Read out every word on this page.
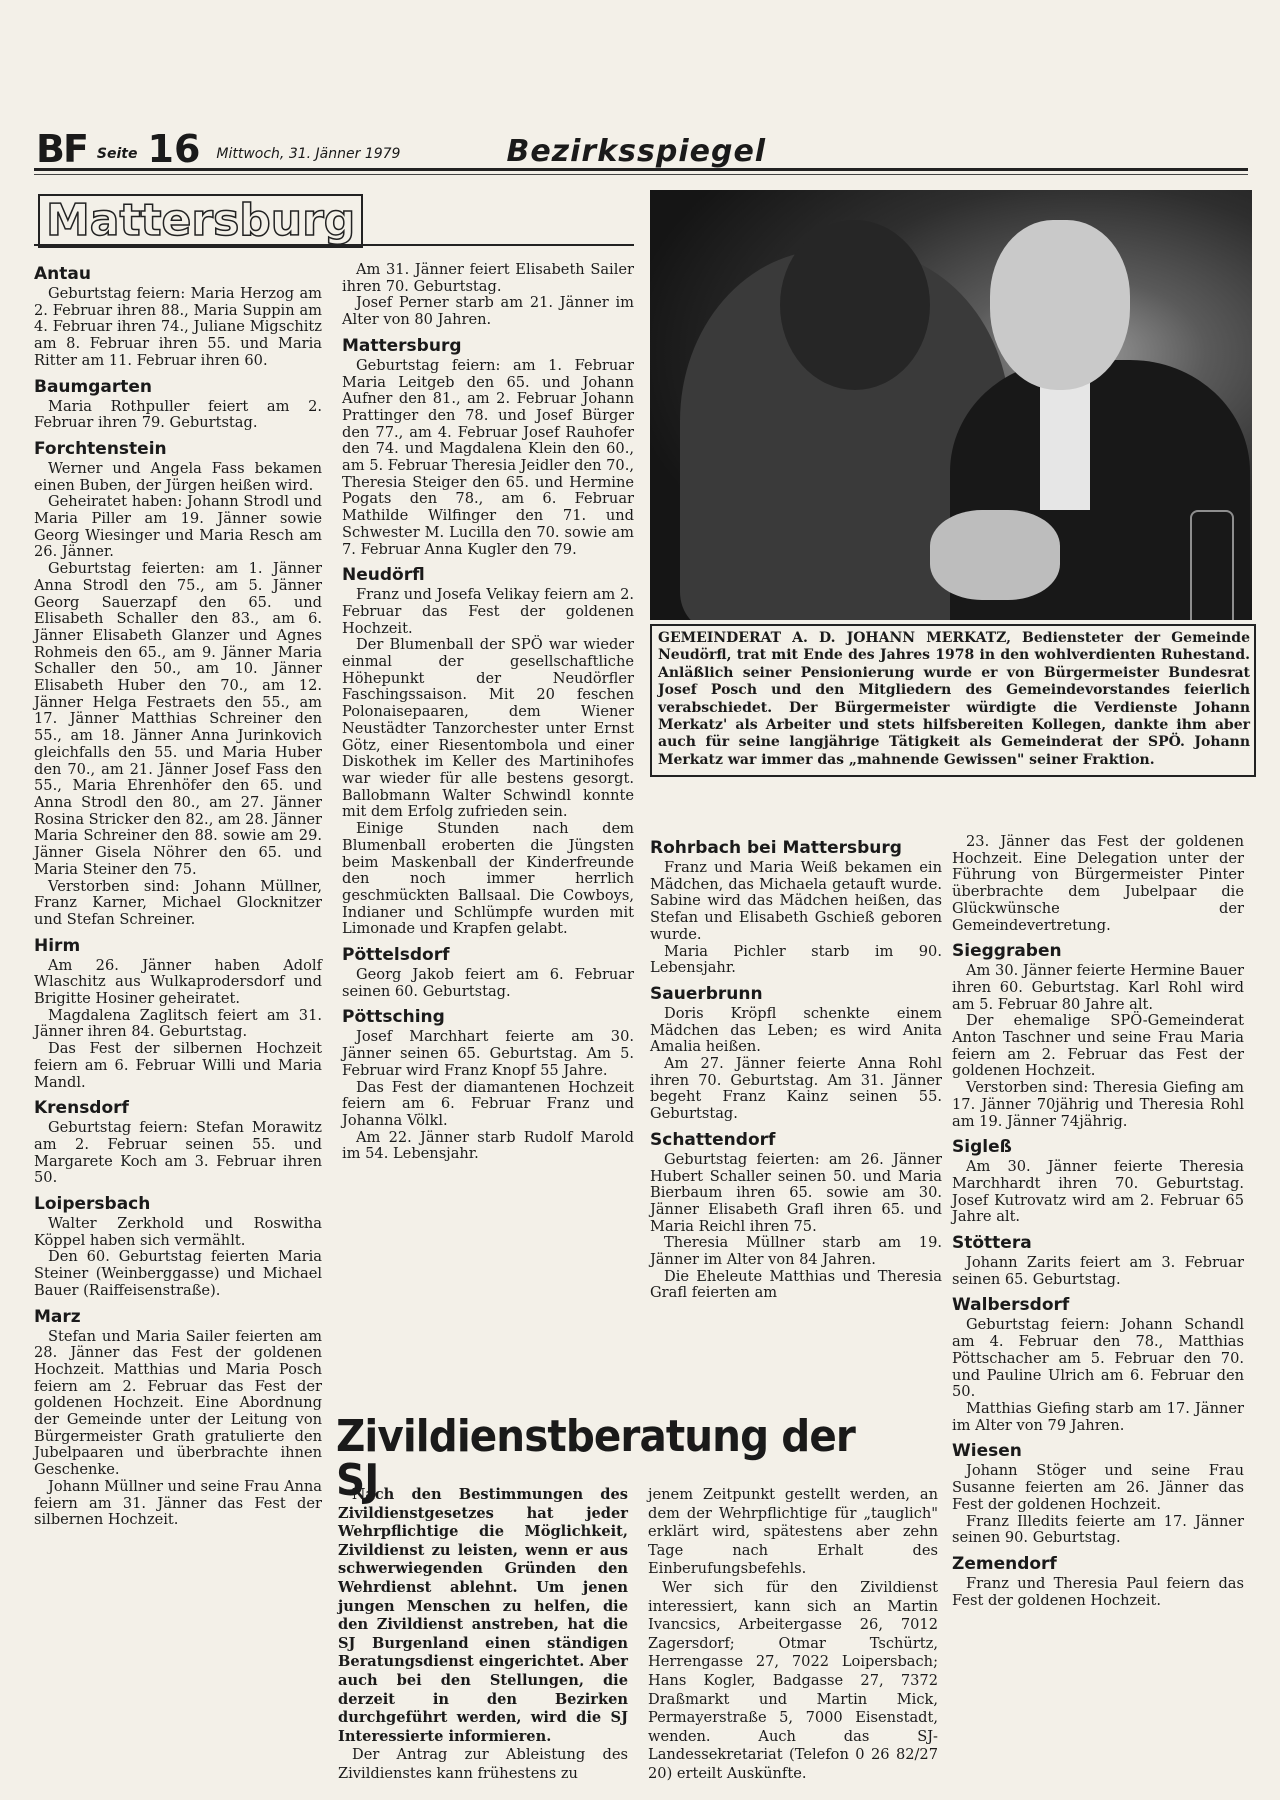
BF Seite 16 Mittwoch, 31. Jänner 1979	Bezirksspiegel
Mattersburg
Antau

Geburtstag feiern: Maria Herzog am 2. Februar ihren 88., Maria Suppin am 4. Februar ihren 74., Juliane Migschitz am 8. Februar ihren 55. und Maria Ritter am 11. Februar ihren 60.

Baumgarten

Maria Rothpuller feiert am 2. Februar ihren 79. Geburtstag.

Forchtenstein

Werner und Angela Fass bekamen einen Buben, der Jürgen heißen wird.

Geheiratet haben: Johann Strodl und Maria Piller am 19. Jänner sowie Georg Wiesinger und Maria Resch am 26. Jänner.

Geburtstag feierten: am 1. Jänner Anna Strodl den 75., am 5. Jänner Georg Sauerzapf den 65. und Elisabeth Schaller den 83., am 6. Jänner Elisabeth Glanzer und Agnes Rohmeis den 65., am 9. Jänner Maria Schaller den 50., am 10. Jänner Elisabeth Huber den 70., am 12. Jänner Helga Festraets den 55., am 17. Jänner Matthias Schreiner den 55., am 18. Jänner Anna Jurinkovich gleichfalls den 55. und Maria Huber den 70., am 21. Jänner Josef Fass den 55., Maria Ehrenhöfer den 65. und Anna Strodl den 80., am 27. Jänner Rosina Stricker den 82., am 28. Jänner Maria Schreiner den 88. sowie am 29. Jänner Gisela Nöhrer den 65. und Maria Steiner den 75.

Verstorben sind: Johann Müllner, Franz Karner, Michael Glocknitzer und Stefan Schreiner.

Hirm

Am 26. Jänner haben Adolf Wlaschitz aus Wulkaprodersdorf und Brigitte Hosiner geheiratet.

Magdalena Zaglitsch feiert am 31. Jänner ihren 84. Geburtstag.

Das Fest der silbernen Hochzeit feiern am 6. Februar Willi und Maria Mandl.

Krensdorf

Geburtstag feiern: Stefan Morawitz am 2. Februar seinen 55. und Margarete Koch am 3. Februar ihren 50.

Loipersbach

Walter Zerkhold und Roswitha Köppel haben sich vermählt.

Den 60. Geburtstag feierten Maria Steiner (Weinberggasse) und Michael Bauer (Raiffeisenstraße).

Marz

Stefan und Maria Sailer feierten am 28. Jänner das Fest der goldenen Hochzeit. Matthias und Maria Posch feiern am 2. Februar das Fest der goldenen Hochzeit. Eine Abordnung der Gemeinde unter der Leitung von Bürgermeister Grath gratulierte den Jubelpaaren und überbrachte ihnen Geschenke.

Johann Müllner und seine Frau Anna feiern am 31. Jänner das Fest der silbernen Hochzeit.

Am 31. Jänner feiert Elisabeth Sailer ihren 70. Geburtstag.

Josef Perner starb am 21. Jänner im Alter von 80 Jahren.

Mattersburg

Geburtstag feiern: am 1. Februar Maria Leitgeb den 65. und Johann Aufner den 81., am 2. Februar Johann Prattinger den 78. und Josef Bürger den 77., am 4. Februar Josef Rauhofer den 74. und Magdalena Klein den 60., am 5. Februar Theresia Jeidler den 70., Theresia Steiger den 65. und Hermine Pogats den 78., am 6. Februar Mathilde Wilfinger den 71. und Schwester M. Lucilla den 70. sowie am 7. Februar Anna Kugler den 79.

Neudörfl

Franz und Josefa Velikay feiern am 2. Februar das Fest der goldenen Hochzeit.

Der Blumenball der SPÖ war wieder einmal der gesellschaftliche Höhepunkt der Neudörfler Faschingssaison. Mit 20 feschen Polonaisepaaren, dem Wiener Neustädter Tanzorchester unter Ernst Götz, einer Riesentombola und einer Diskothek im Keller des Martinihofes war wieder für alle bestens gesorgt. Ballobmann Walter Schwindl konnte mit dem Erfolg zufrieden sein.

Einige Stunden nach dem Blumenball eroberten die Jüngsten beim Maskenball der Kinderfreunde den noch immer herrlich geschmückten Ballsaal. Die Cowboys, Indianer und Schlümpfe wurden mit Limonade und Krapfen gelabt.

Pöttelsdorf

Georg Jakob feiert am 6. Februar seinen 60. Geburtstag.

Pöttsching

Josef Marchhart feierte am 30. Jänner seinen 65. Geburtstag. Am 5. Februar wird Franz Knopf 55 Jahre.

Das Fest der diamantenen Hochzeit feiern am 6. Februar Franz und Johanna Völkl.

Am 22. Jänner starb Rudolf Marold im 54. Lebensjahr.

GEMEINDERAT A. D. JOHANN MERKATZ, Bediensteter der Gemeinde Neudörfl, trat mit Ende des Jahres 1978 in den wohlverdienten Ruhestand. Anläßlich seiner Pensionierung wurde er von Bürgermeister Bundesrat Josef Posch und den Mitgliedern des Gemeindevorstandes feierlich verabschiedet. Der Bürgermeister würdigte die Verdienste Johann Merkatz' als Arbeiter und stets hilfsbereiten Kollegen, dankte ihm aber auch für seine langjährige Tätigkeit als Gemeinderat der SPÖ. Johann Merkatz war immer das „mahnende Gewissen" seiner Fraktion.
Rohrbach bei Mattersburg

Franz und Maria Weiß bekamen ein Mädchen, das Michaela getauft wurde. Sabine wird das Mädchen heißen, das Stefan und Elisabeth Gschieß geboren wurde.

Maria Pichler starb im 90. Lebensjahr.

Sauerbrunn

Doris Kröpfl schenkte einem Mädchen das Leben; es wird Anita Amalia heißen.

Am 27. Jänner feierte Anna Rohl ihren 70. Geburtstag. Am 31. Jänner begeht Franz Kainz seinen 55. Geburtstag.

Schattendorf

Geburtstag feierten: am 26. Jänner Hubert Schaller seinen 50. und Maria Bierbaum ihren 65. sowie am 30. Jänner Elisabeth Grafl ihren 65. und Maria Reichl ihren 75.

Theresia Müllner starb am 19. Jänner im Alter von 84 Jahren.

Die Eheleute Matthias und Theresia Grafl feierten am

23. Jänner das Fest der goldenen Hochzeit. Eine Delegation unter der Führung von Bürgermeister Pinter überbrachte dem Jubelpaar die Glückwünsche der Gemeindevertretung.

Sieggraben

Am 30. Jänner feierte Hermine Bauer ihren 60. Geburtstag. Karl Rohl wird am 5. Februar 80 Jahre alt.

Der ehemalige SPÖ-Gemeinderat Anton Taschner und seine Frau Maria feiern am 2. Februar das Fest der goldenen Hochzeit.

Verstorben sind: Theresia Giefing am 17. Jänner 70jährig und Theresia Rohl am 19. Jänner 74jährig.

Sigleß

Am 30. Jänner feierte Theresia Marchhardt ihren 70. Geburtstag. Josef Kutrovatz wird am 2. Februar 65 Jahre alt.

Stöttera

Johann Zarits feiert am 3. Februar seinen 65. Geburtstag.

Walbersdorf

Geburtstag feiern: Johann Schandl am 4. Februar den 78., Matthias Pöttschacher am 5. Februar den 70. und Pauline Ulrich am 6. Februar den 50.

Matthias Giefing starb am 17. Jänner im Alter von 79 Jahren.

Wiesen

Johann Stöger und seine Frau Susanne feierten am 26. Jänner das Fest der goldenen Hochzeit.

Franz Illedits feierte am 17. Jänner seinen 90. Geburtstag.

Zemendorf

Franz und Theresia Paul feiern das Fest der goldenen Hochzeit.

Zivildienstberatung der SJ

Nach den Bestimmungen des Zivildienstgesetzes hat jeder Wehrpflichtige die Möglichkeit, Zivildienst zu leisten, wenn er aus schwerwiegenden Gründen den Wehrdienst ablehnt. Um jenen jungen Menschen zu helfen, die den Zivildienst anstreben, hat die SJ Burgenland einen ständigen Beratungsdienst eingerichtet. Aber auch bei den Stellungen, die derzeit in den Bezirken durchgeführt werden, wird die SJ Interessierte informieren.

Der Antrag zur Ableistung des Zivildienstes kann frühestens zu

jenem Zeitpunkt gestellt werden, an dem der Wehrpflichtige für „tauglich" erklärt wird, spätestens aber zehn Tage nach Erhalt des Einberufungsbefehls.

Wer sich für den Zivildienst interessiert, kann sich an Martin Ivancsics, Arbeitergasse 26, 7012 Zagersdorf; Otmar Tschürtz, Herrengasse 27, 7022 Loipersbach; Hans Kogler, Badgasse 27, 7372 Draßmarkt und Martin Mick, Permayerstraße 5, 7000 Eisenstadt, wenden. Auch das SJ-Landessekretariat (Telefon 0 26 82/27 20) erteilt Auskünfte.
